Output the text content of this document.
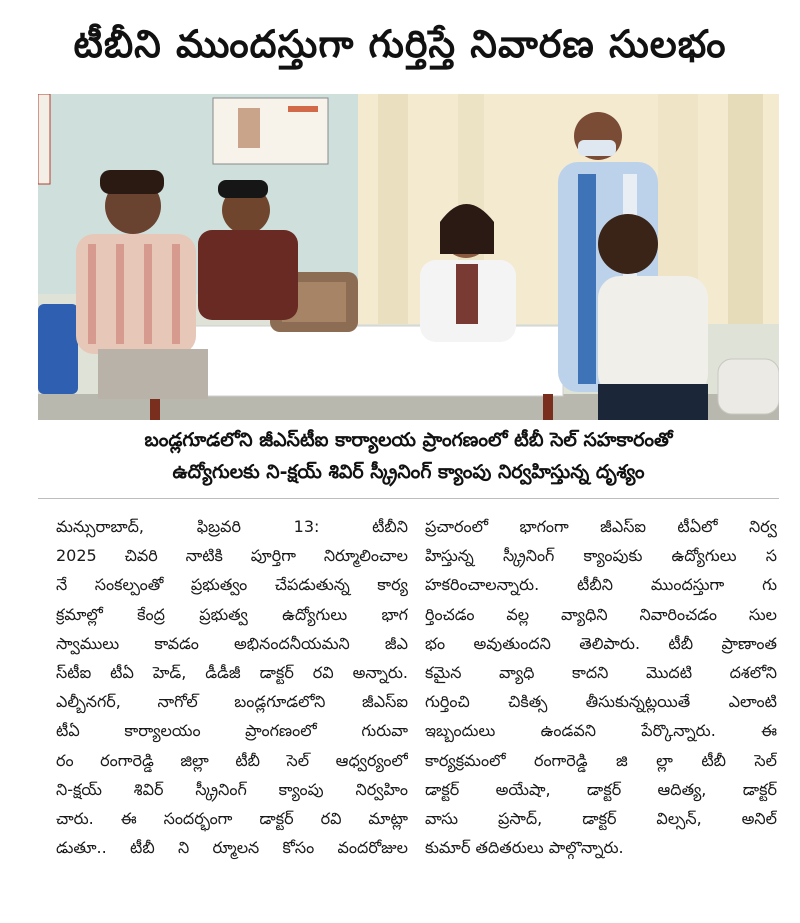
టీబీని ముందస్తుగా గుర్తిస్తే నివారణ సులభం
బండ్లగూడలోని జీఎస్‌టీఐ కార్యాలయ ప్రాంగణంలో టీబీ సెల్ సహకారంతో
ఉద్యోగులకు ని-క్షయ్ శివిర్ స్క్రీనింగ్ క్యాంపు నిర్వహిస్తున్న దృశ్యం
మన్సురాబాద్, ఫిబ్రవరి 13: టీబీని
2025 చివరి నాటికి పూర్తిగా నిర్మూలించాల
నే సంకల్పంతో ప్రభుత్వం చేపడుతున్న కార్య
క్రమాల్లో కేంద్ర ప్రభుత్వ ఉద్యోగులు భాగ
స్వాములు కావడం అభినందనీయమని జీఎ
స్‌టీఐ టీఏ హెడ్, డీడీజీ డాక్టర్ రవి అన్నారు.
ఎల్బీనగర్, నాగోల్ బండ్లగూడలోని జీఎస్‌ఐ
టీఏ కార్యాలయం ప్రాంగణంలో గురువా
రం రంగారెడ్డి జిల్లా టీబీ సెల్ ఆధ్వర్యంలో
ని-క్షయ్ శివిర్ స్క్రీనింగ్ క్యాంపు నిర్వహిం
చారు. ఈ సందర్భంగా డాక్టర్ రవి మాట్లా
డుతూ.. టీబీ ని ర్మూలన కోసం వందరోజుల
ప్రచారంలో భాగంగా జీఎస్‌ఐ టీఏలో నిర్వ
హిస్తున్న స్క్రీనింగ్ క్యాంపుకు ఉద్యోగులు స
హకరించాలన్నారు. టీబీని ముందస్తుగా గు
ర్తించడం వల్ల వ్యాధిని నివారించడం సుల
భం అవుతుందని తెలిపారు. టీబీ ప్రాణాంత
కమైన వ్యాధి కాదని మొదటి దశలోని
గుర్తించి చికిత్స తీసుకున్నట్లయితే ఎలాంటి
ఇబ్బందులు ఉండవని పేర్కొన్నారు. ఈ
కార్యక్రమంలో రంగారెడ్డి జి ల్లా టీబీ సెల్
డాక్టర్ అయేషా, డాక్టర్ ఆదిత్య, డాక్టర్
వాసు ప్రసాద్, డాక్టర్ విల్సన్, అనిల్
కుమార్ తదితరులు పాల్గొన్నారు.
